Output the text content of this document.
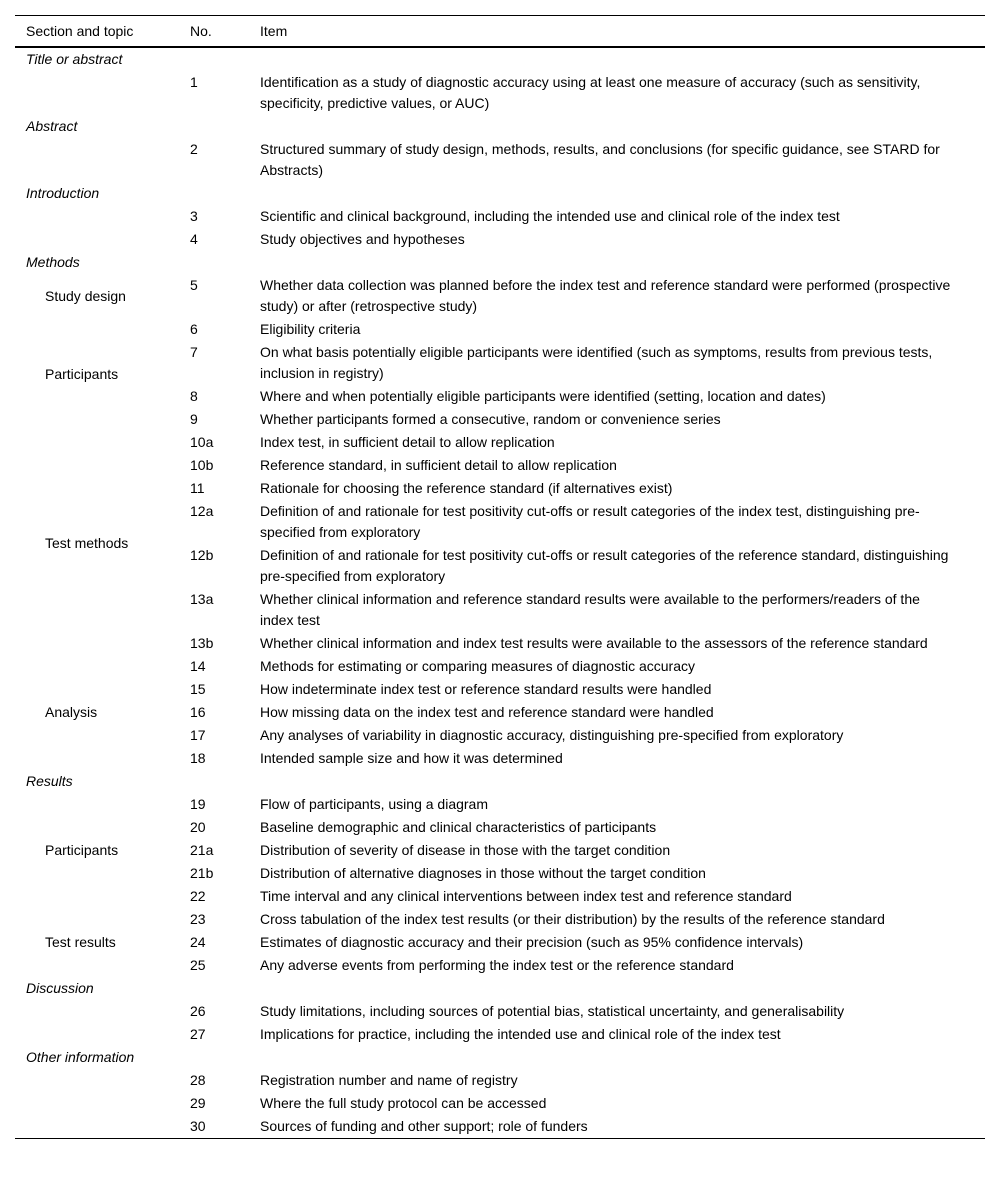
Section and topic	No.	Item
Title or abstract		
	1	Identification as a study of diagnostic accuracy using at least one measure of accuracy (such as sensitivity, specificity, predictive values, or AUC)
Abstract		
	2	Structured summary of study design, methods, results, and conclusions (for specific guidance, see STARD for Abstracts)
Introduction		
	3	Scientific and clinical background, including the intended use and clinical role of the index test
	4	Study objectives and hypotheses
Methods		
Study design	5	Whether data collection was planned before the index test and reference standard were performed (prospective study) or after (retrospective study)
Participants	6	Eligibility criteria
	7	On what basis potentially eligible participants were identified (such as symptoms, results from previous tests, inclusion in registry)
	8	Where and when potentially eligible participants were identified (setting, location and dates)
	9	Whether participants formed a consecutive, random or convenience series
Test methods	10a	Index test, in sufficient detail to allow replication
	10b	Reference standard, in sufficient detail to allow replication
	11	Rationale for choosing the reference standard (if alternatives exist)
	12a	Definition of and rationale for test positivity cut-offs or result categories of the index test, distinguishing pre-specified from exploratory
	12b	Definition of and rationale for test positivity cut-offs or result categories of the reference standard, distinguishing pre-specified from exploratory
	13a	Whether clinical information and reference standard results were available to the performers/readers of the index test
	13b	Whether clinical information and index test results were available to the assessors of the reference standard
Analysis	14	Methods for estimating or comparing measures of diagnostic accuracy
	15	How indeterminate index test or reference standard results were handled
	16	How missing data on the index test and reference standard were handled
	17	Any analyses of variability in diagnostic accuracy, distinguishing pre-specified from exploratory
	18	Intended sample size and how it was determined
Results		
Participants	19	Flow of participants, using a diagram
	20	Baseline demographic and clinical characteristics of participants
	21a	Distribution of severity of disease in those with the target condition
	21b	Distribution of alternative diagnoses in those without the target condition
	22	Time interval and any clinical interventions between index test and reference standard
Test results	23	Cross tabulation of the index test results (or their distribution) by the results of the reference standard
	24	Estimates of diagnostic accuracy and their precision (such as 95% confidence intervals)
	25	Any adverse events from performing the index test or the reference standard
Discussion		
	26	Study limitations, including sources of potential bias, statistical uncertainty, and generalisability
	27	Implications for practice, including the intended use and clinical role of the index test
Other information		
	28	Registration number and name of registry
	29	Where the full study protocol can be accessed
	30	Sources of funding and other support; role of funders
